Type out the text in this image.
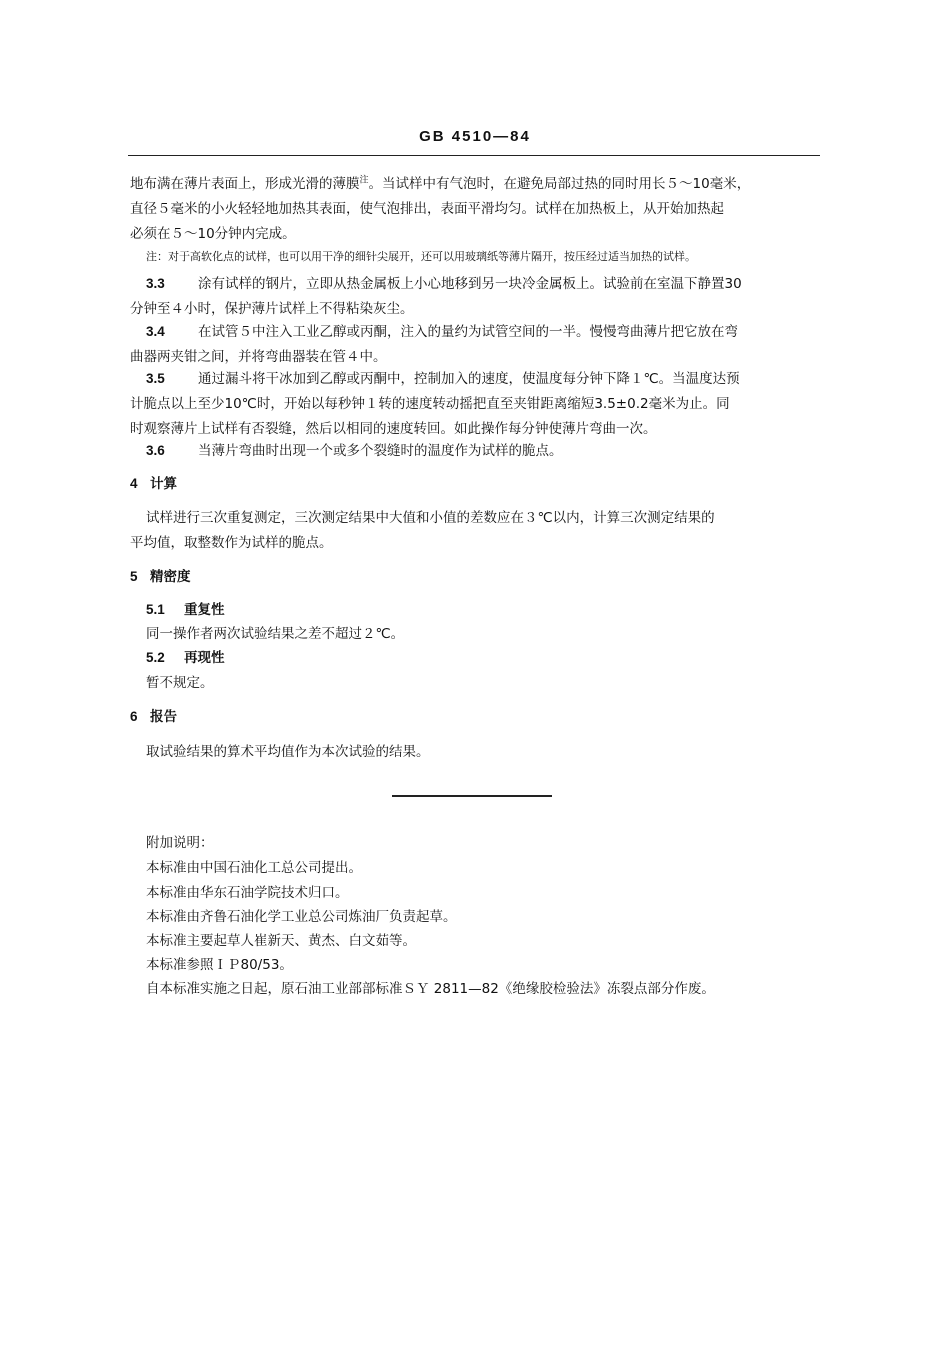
GB 4510—84
地布满在薄片表面上，形成光滑的薄膜$^注$。当试样中有气泡时，在避免局部过热的同时用长５～10毫米，
直径５毫米的小火轻轻地加热其表面，使气泡排出，表面平滑均匀。试样在加热板上，从开始加热起
必须在５～10分钟内完成。
注：对于高软化点的试样，也可以用干净的细针尖展开，还可以用玻璃纸等薄片隔开，按压经过适当加热的试样。
3.3 涂有试样的钢片，立即从热金属板上小心地移到另一块冷金属板上。试验前在室温下静置30
分钟至４小时，保护薄片试样上不得粘染灰尘。
3.4 在试管５中注入工业乙醇或丙酮，注入的量约为试管空间的一半。慢慢弯曲薄片把它放在弯
曲器两夹钳之间，并将弯曲器装在管４中。
3.5 通过漏斗将干冰加到乙醇或丙酮中，控制加入的速度，使温度每分钟下降１℃。当温度达预
计脆点以上至少10℃时，开始以每秒钟１转的速度转动摇把直至夹钳距离缩短3.5±0.2毫米为止。同
时观察薄片上试样有否裂缝，然后以相同的速度转回。如此操作每分钟使薄片弯曲一次。
3.6 当薄片弯曲时出现一个或多个裂缝时的温度作为试样的脆点。
4 计算
试样进行三次重复测定，三次测定结果中大值和小值的差数应在３℃以内，计算三次测定结果的
平均值，取整数作为试样的脆点。
5 精密度
5.1 重复性
同一操作者两次试验结果之差不超过２℃。
5.2 再现性
暂不规定。
6 报告
取试验结果的算术平均值作为本次试验的结果。
附加说明：
本标准由中国石油化工总公司提出。
本标准由华东石油学院技术归口。
本标准由齐鲁石油化学工业总公司炼油厂负责起草。
本标准主要起草人崔新天、黄杰、白文茹等。
本标准参照ＩＰ80/53。
自本标准实施之日起，原石油工业部部标准ＳＹ 2811—82《绝缘胶检验法》冻裂点部分作废。
